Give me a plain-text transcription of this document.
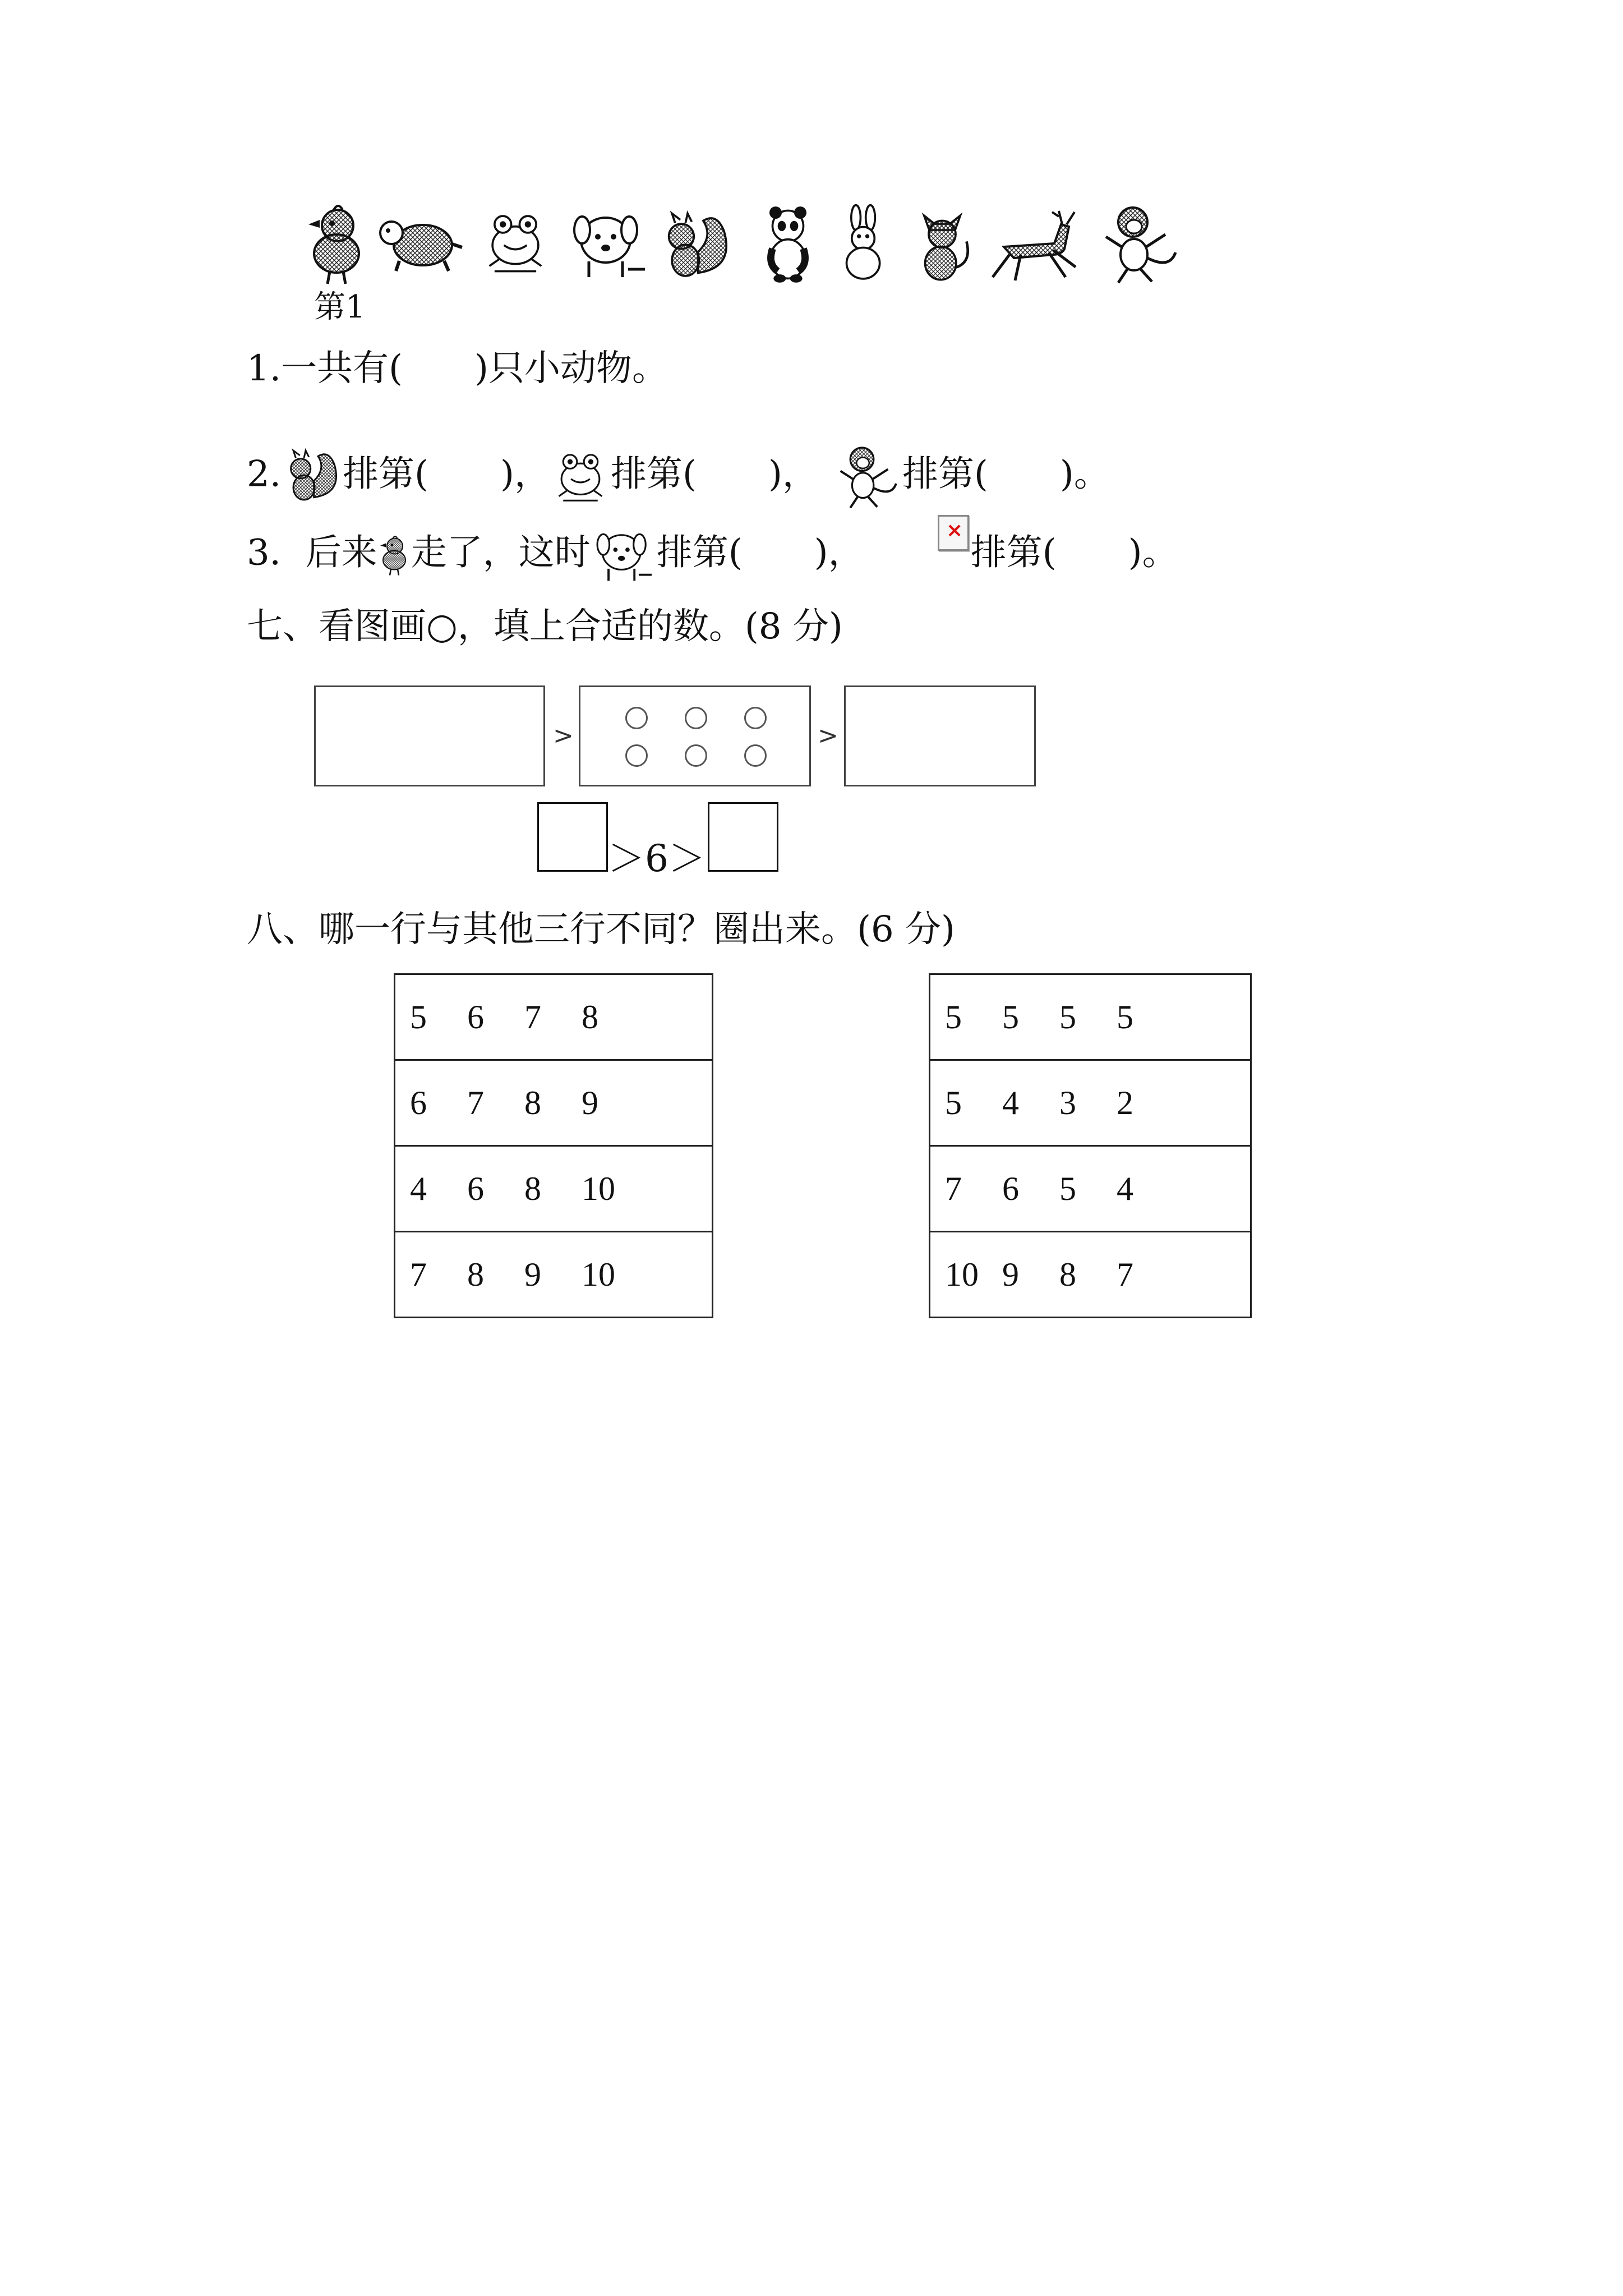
第1
1.一共有(　　)只小动物。
2. 排第(　　)， 排第(　　)， 排第(　　)。
3．后来 走了，这时 排第(　　)，	排第(　　)。
×
七、看图画○，填上合适的数。(8 分)
>	>
＞6＞
八、哪一行与其他三行不同？圈出来。(6 分)
5 6 7 8
6 7 8 9
4 6 8 10
7 8 9 10
5 5 5 5
5 4 3 2
7 6 5 4
10 9 8 7
